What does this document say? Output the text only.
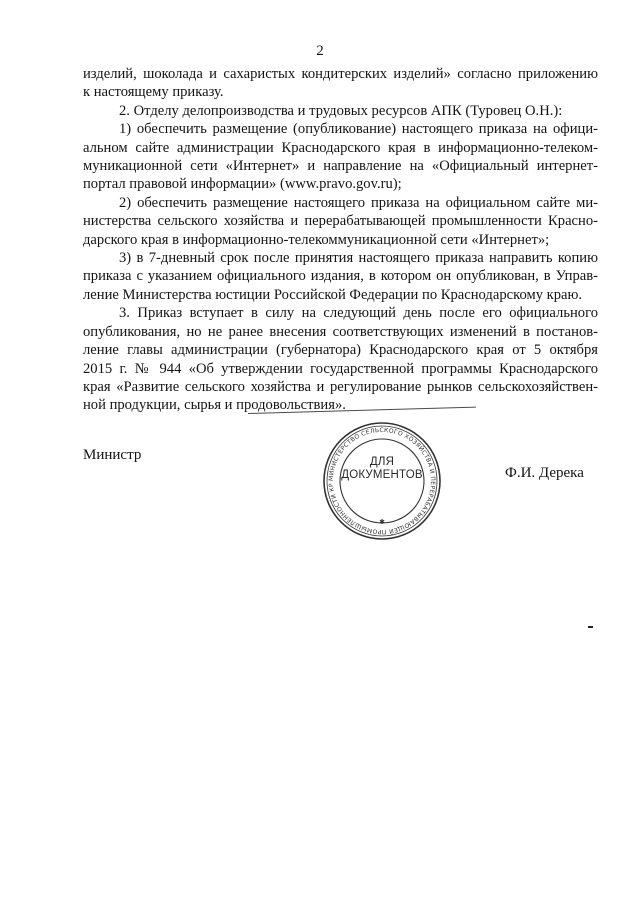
2

изделий, шоколада и сахаристых кондитерских изделий» согласно приложению
к настоящему приказу.

2. Отделу делопроизводства и трудовых ресурсов АПК (Туровец О.Н.):

1) обеспечить размещение (опубликование) настоящего приказа на офици-
альном сайте администрации Краснодарского края в информационно-телеком-
муникационной сети «Интернет» и направление на «Официальный интернет-
портал правовой информации» (www.pravo.gov.ru);

2) обеспечить размещение настоящего приказа на официальном сайте ми-
нистерства сельского хозяйства и перерабатывающей промышленности Красно-
дарского края в информационно-телекоммуникационной сети «Интернет»;

3) в 7-дневный срок после принятия настоящего приказа направить копию
приказа с указанием официального издания, в котором он опубликован, в Управ-
ление Министерства юстиции Российской Федерации по Краснодарскому краю.

3. Приказ вступает в силу на следующий день после его официального
опубликования, но не ранее внесения соответствующих изменений в постанов-
ление главы администрации (губернатора) Краснодарского края от 5 октября
2015 г. № 944 «Об утверждении государственной программы Краснодарского
края «Развитие сельского хозяйства и регулирование рынков сельскохозяйствен-
ной продукции, сырья и продовольствия».

Министр
МИНИСТЕРСТВО СЕЛЬСКОГО ХОЗЯЙСТВА И ПЕРЕРАБАТЫВАЮЩЕЙ ПРОМЫШЛЕННОСТИ КР
✱
ДЛЯ
ДОКУМЕНТОВ	Ф.И. Дерека
